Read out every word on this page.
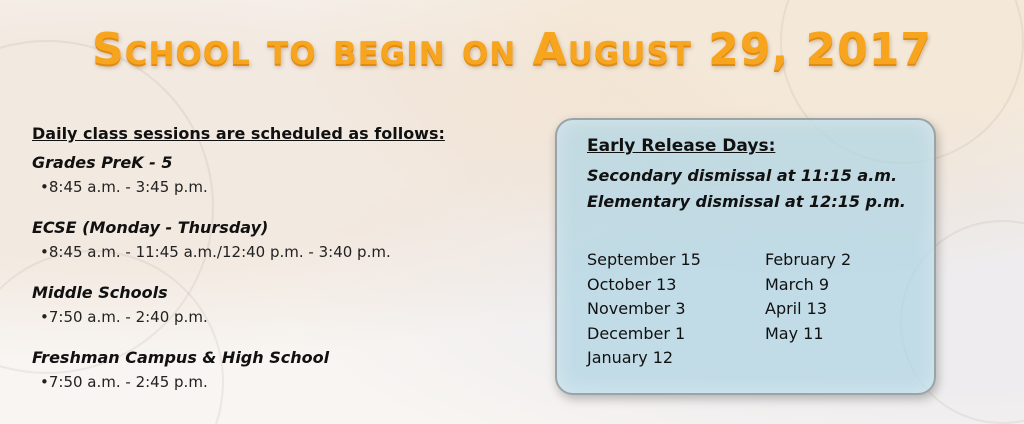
School to begin on August 29, 2017
Daily class sessions are scheduled as follows:
Grades PreK - 5
•8:45 a.m. - 3:45 p.m.
ECSE (Monday - Thursday)
•8:45 a.m. - 11:45 a.m./12:40 p.m. - 3:40 p.m.
Middle Schools
•7:50 a.m. - 2:40 p.m.
Freshman Campus & High School
•7:50 a.m. - 2:45 p.m.
Early Release Days:
Secondary dismissal at 11:15 a.m.
Elementary dismissal at 12:15 p.m.
September 15
October 13
November 3
December 1
January 12
February 2
March 9
April 13
May 11
